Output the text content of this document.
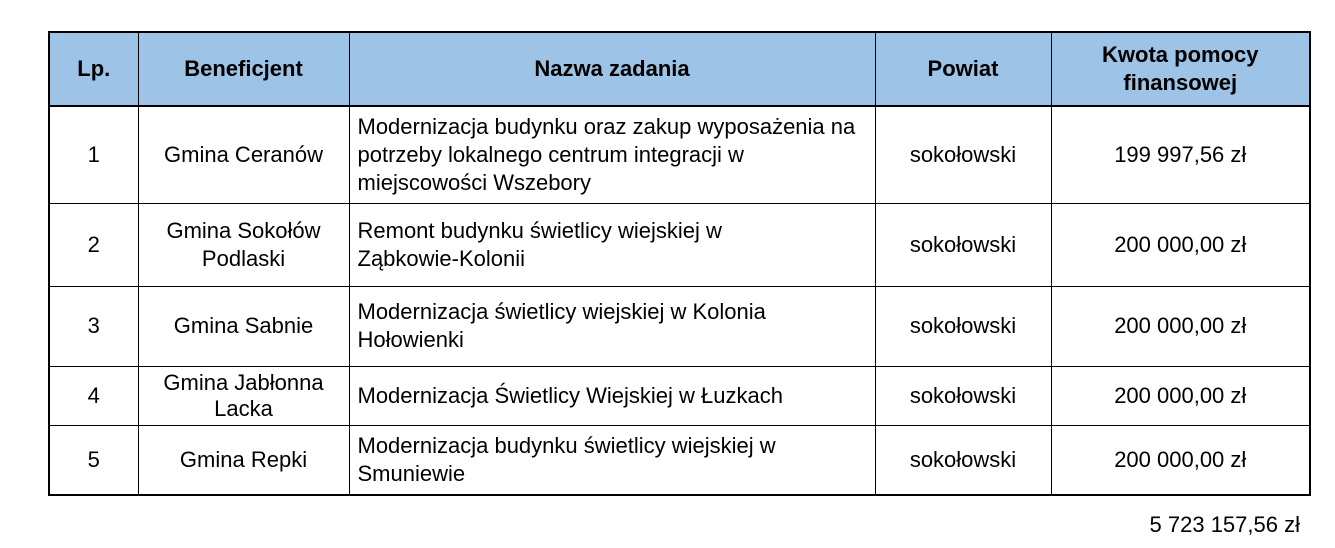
Lp.	Beneficjent	Nazwa zadania	Powiat	Kwota pomocy finansowej
1	Gmina Ceranów	Modernizacja budynku oraz zakup wyposażenia na potrzeby lokalnego centrum integracji w miejscowości Wszebory	sokołowski	199 997,56 zł
2	Gmina Sokołów Podlaski	Remont budynku świetlicy wiejskiej w Ząbkowie-Kolonii	sokołowski	200 000,00 zł
3	Gmina Sabnie	Modernizacja świetlicy wiejskiej w Kolonia Hołowienki	sokołowski	200 000,00 zł
4	Gmina Jabłonna Lacka	Modernizacja Świetlicy Wiejskiej w Łuzkach	sokołowski	200 000,00 zł
5	Gmina Repki	Modernizacja budynku świetlicy wiejskiej w Smuniewie	sokołowski	200 000,00 zł
5 723 157,56 zł
